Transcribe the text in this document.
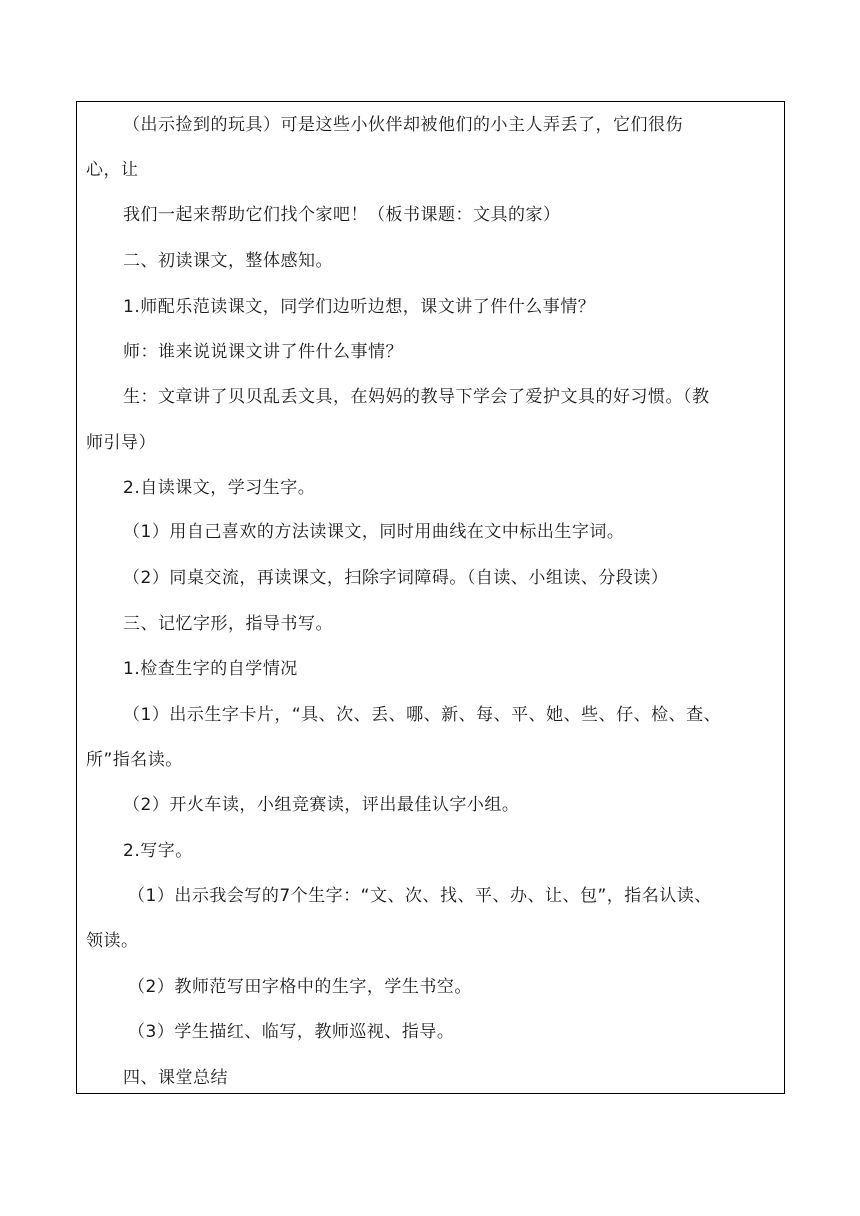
（出示捡到的玩具）可是这些小伙伴却被他们的小主人弄丢了，它们很伤
心，让
我们一起来帮助它们找个家吧！（板书课题：文具的家）
二、初读课文，整体感知。
1.师配乐范读课文，同学们边听边想，课文讲了件什么事情？
师：谁来说说课文讲了件什么事情？
生：文章讲了贝贝乱丢文具，在妈妈的教导下学会了爱护文具的好习惯。（教
师引导）
2.自读课文，学习生字。
（1）用自己喜欢的方法读课文，同时用曲线在文中标出生字词。
（2）同桌交流，再读课文，扫除字词障碍。（自读、小组读、分段读）
三、记忆字形，指导书写。
1.检查生字的自学情况
（1）出示生字卡片，“具、次、丢、哪、新、每、平、她、些、仔、检、查、
所”指名读。
（2）开火车读，小组竞赛读，评出最佳认字小组。
2.写字。
（1）出示我会写的7个生字：“文、次、找、平、办、让、包”，指名认读、
领读。
（2）教师范写田字格中的生字，学生书空。
（3）学生描红、临写，教师巡视、指导。
四、课堂总结
